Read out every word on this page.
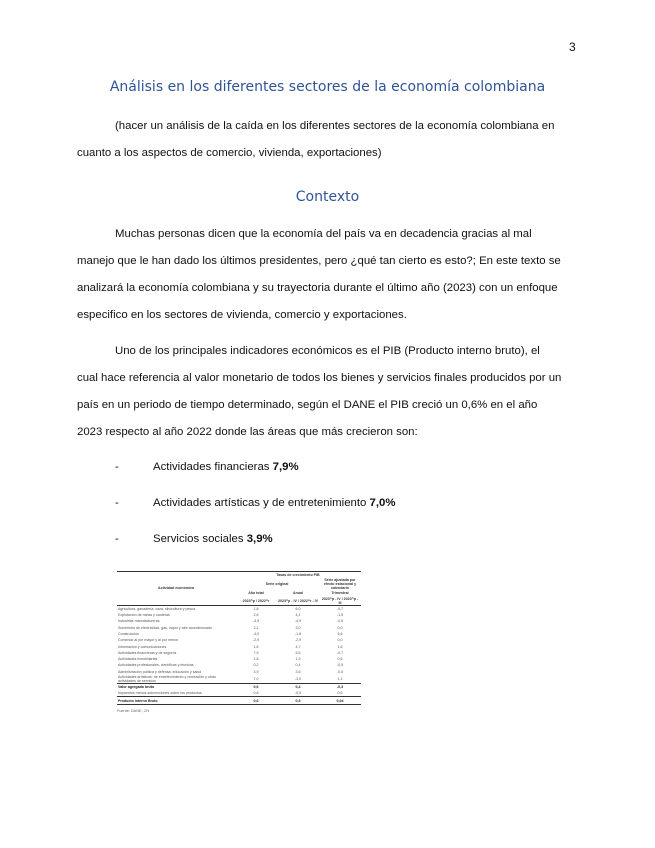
3
Análisis en los diferentes sectores de la economía colombiana

(hacer un análisis de la caída en los diferentes sectores de la economía colombiana en
cuanto a los aspectos de comercio, vivienda, exportaciones)

Contexto

Muchas personas dicen que la economía del país va en decadencia gracias al mal
manejo que le han dado los últimos presidentes, pero ¿qué tan cierto es esto?; En este texto se
analizará la economía colombiana y su trayectoria durante el último año (2023) con un enfoque
especifico en los sectores de vivienda, comercio y exportaciones.

Uno de los principales indicadores económicos es el PIB (Producto interno bruto), el
cual hace referencia al valor monetario de todos los bienes y servicios finales producidos por un
país en un periodo de tiempo determinado, según el DANE el PIB creció un 0,6% en el año
2023 respecto al año 2022 donde las áreas que más crecieron son:

-	Actividades financieras 7,9%
-	Actividades artísticas y de entretenimiento 7,0%
-	Servicios sociales 3,9%
Actividad económica	Tasas de crecimiento PIB		
	Serie original		Serie ajustada por efecto estacional y calendario
	Año total	Anual	Trimestral
	2023^p / 2022^r	2023^p - IV / 2022^r - IV	2023^p - IV / 2023^p - III
Agricultura, ganadería, caza, silvicultura y pesca	1,8	6,0	-0,7
Explotación de minas y canteras	2,6	4,1	-1,5
Industrias manufactureras	-3,5	-4,9	-0,6
Suministro de electricidad, gas, vapor y aire acondicionado	2,1	3,0	0,0
Construcción	-4,0	-1,8	5,6
Comercio al por mayor y al por menor	-2,9	-2,9	0,0
Información y comunicaciones	1,6	4,7	1,6
Actividades financieras y de seguros	7,9	5,5	-0,7
Actividades inmobiliarias	1,8	1,9	0,5
Actividades profesionales, científicas y técnicas	0,2	0,4	-0,5
Administración pública y defensa; educación y salud	3,9	3,6	-0,5
Actividades artísticas, de entretenimiento y recreación y otras actividades de servicios	7,0	-3,0	1,1
Valor agregado bruto	0,6	0,4	-0,3
Impuestos menos subvenciones sobre los productos	0,8	-0,5	0,6
Producto Interno Bruto	0,6	0,3	0,04
Fuente: DANE, CN
